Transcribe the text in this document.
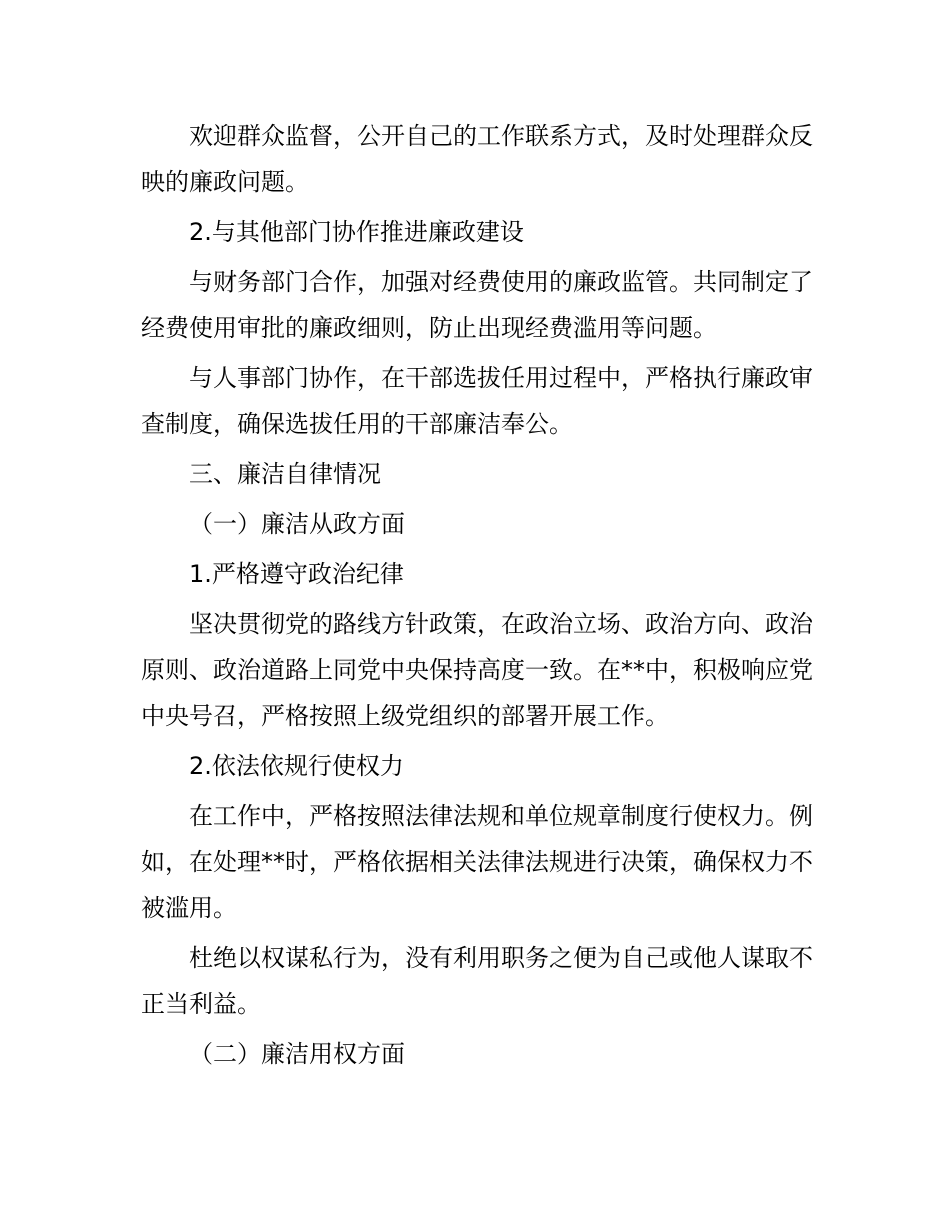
欢迎群众监督，公开自己的工作联系方式，及时处理群众反映的廉政问题。

2.与其他部门协作推进廉政建设

与财务部门合作，加强对经费使用的廉政监管。共同制定了经费使用审批的廉政细则，防止出现经费滥用等问题。

与人事部门协作，在干部选拔任用过程中，严格执行廉政审查制度，确保选拔任用的干部廉洁奉公。

三、廉洁自律情况

（一）廉洁从政方面

1.严格遵守政治纪律

坚决贯彻党的路线方针政策，在政治立场、政治方向、政治原则、政治道路上同党中央保持高度一致。在**中，积极响应党中央号召，严格按照上级党组织的部署开展工作。

2.依法依规行使权力

在工作中，严格按照法律法规和单位规章制度行使权力。例如，在处理**时，严格依据相关法律法规进行决策，确保权力不被滥用。

杜绝以权谋私行为，没有利用职务之便为自己或他人谋取不正当利益。

（二）廉洁用权方面
